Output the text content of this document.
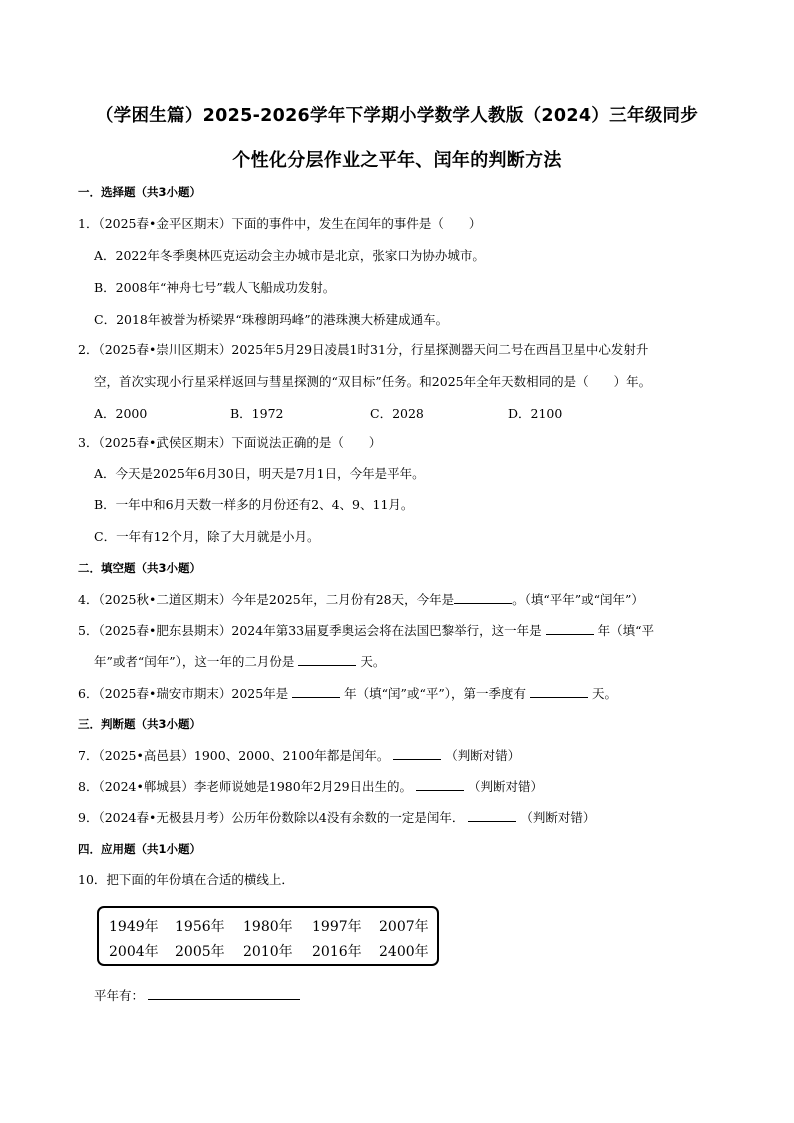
（学困生篇）2025-2026学年下学期小学数学人教版（2024）三年级同步
个性化分层作业之平年、闰年的判断方法
一．选择题（共3小题）
1．（2025春•金平区期末）下面的事件中，发生在闰年的事件是（　　）
A．2022年冬季奥林匹克运动会主办城市是北京，张家口为协办城市。
B．2008年“神舟七号”载人飞船成功发射。
C．2018年被誉为桥梁界“珠穆朗玛峰”的港珠澳大桥建成通车。
2．（2025春•崇川区期末）2025年5月29日凌晨1时31分，行星探测器天问二号在西昌卫星中心发射升
空，首次实现小行星采样返回与彗星探测的“双目标”任务。和2025年全年天数相同的是（　　）年。
A．2000	B．1972	C．2028	D．2100
3．（2025春•武侯区期末）下面说法正确的是（　　）
A．今天是2025年6月30日，明天是7月1日，今年是平年。
B．一年中和6月天数一样多的月份还有2、4、9、11月。
C．一年有12个月，除了大月就是小月。
二．填空题（共3小题）
4．（2025秋•二道区期末）今年是2025年，二月份有28天，今年是	。（填“平年”或“闰年”）
5．（2025春•肥东县期末）2024年第33届夏季奥运会将在法国巴黎举行，这一年是	年（填“平
年”或者“闰年”），这一年的二月份是	天。
6．（2025春•瑞安市期末）2025年是	年（填“闰”或“平”），第一季度有	天。
三．判断题（共3小题）
7．（2025•高邑县）1900、2000、2100年都是闰年。	（判断对错）
8．（2024•郸城县）李老师说她是1980年2月29日出生的。	（判断对错）
9．（2024春•无极县月考）公历年份数除以4没有余数的一定是闰年．	（判断对错）
四．应用题（共1小题）
10．把下面的年份填在合适的横线上．
1949年 1956年 1980年 1997年 2007年
2004年 2005年 2010年 2016年 2400年
平年有：
